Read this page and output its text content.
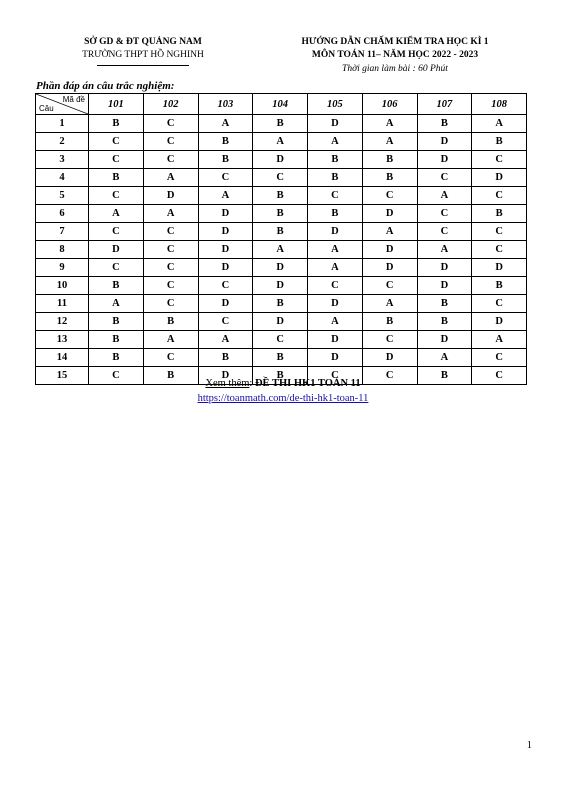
SỞ GD & ĐT QUẢNG NAM
TRƯỜNG THPT HỒ NGHINH
HƯỚNG DẪN CHẤM KIỂM TRA HỌC KÌ 1
MÔN TOÁN 11– NĂM HỌC 2022 - 2023
Thời gian làm bài : 60 Phút
Phần đáp án câu trắc nghiệm:
Mã đề
Câu	101	102	103	104	105	106	107	108
1	B	C	A	B	D	A	B	A
2	C	C	B	A	A	A	D	B
3	C	C	B	D	B	B	D	C
4	B	A	C	C	B	B	C	D
5	C	D	A	B	C	C	A	C
6	A	A	D	B	B	D	C	B
7	C	C	D	B	D	A	C	C
8	D	C	D	A	A	D	A	C
9	C	C	D	D	A	D	D	D
10	B	C	C	D	C	C	D	B
11	A	C	D	B	D	A	B	C
12	B	B	C	D	A	B	B	D
13	B	A	A	C	D	C	D	A
14	B	C	B	B	D	D	A	C
15	C	B	D	B	C	C	B	C
Xem thêm: ĐỀ THI HK1 TOÁN 11
https://toanmath.com/de-thi-hk1-toan-11
1
